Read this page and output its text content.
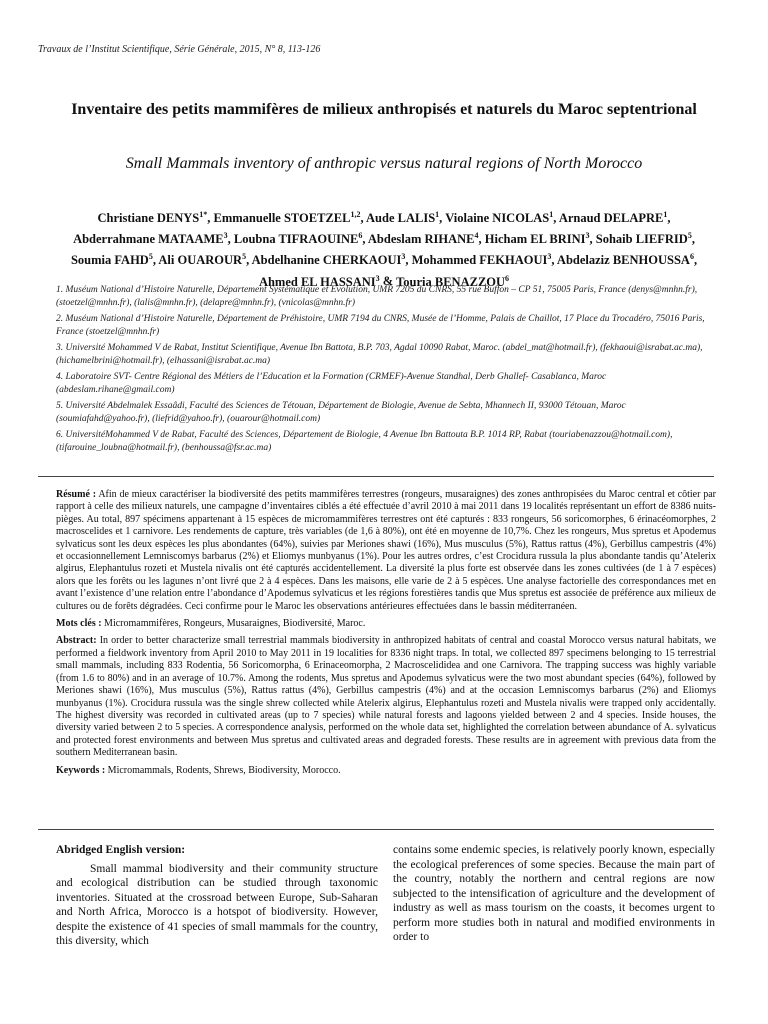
Travaux de l’Institut Scientifique, Série Générale, 2015, N° 8, 113-126
Inventaire des petits mammifères de milieux anthropisés et naturels du Maroc septentrional
Small Mammals inventory of anthropic versus natural regions of North Morocco
Christiane $DENYS^{1*}$, Emmanuelle STOETZEL$^{1,2}$, Aude LALIS$^1$, Violaine NICOLAS$^1$, Arnaud DELAPRE$^1$, Abderrahmane MATAAME$^3$, Loubna TIFRAOUINE$^6$, Abdeslam RIHANE$^4$, Hicham EL BRINI$^3$, Sohaib LIEFRID$^5$, Soumia FAHD$^5$, Ali OUAROUR$^5$, Abdelhanine CHERKAOUI$^3$, Mohammed FEKHAOUI$^3$, Abdelaziz BENHOUSSA$^6$, Ahmed EL HASSANI$^3$ & Touria BENAZZOU$^6$

1. Muséum National d’Histoire Naturelle, Département Systématique et Evolution, UMR 7205 du CNRS, 55 rue Buffon – CP 51, 75005 Paris, France (denys@mnhn.fr), (stoetzel@mnhn.fr), (lalis@mnhn.fr), (delapre@mnhn.fr), (vnicolas@mnhn.fr)

2. Muséum National d’Histoire Naturelle, Département de Préhistoire, UMR 7194 du CNRS, Musée de l’Homme, Palais de Chaillot, 17 Place du Trocadéro, 75016 Paris, France (stoetzel@mnhn.fr)

3. Université Mohammed V de Rabat, Institut Scientifique, Avenue Ibn Battota, B.P. 703, Agdal 10090 Rabat, Maroc. (abdel_mat@hotmail.fr), (fekhaoui@israbat.ac.ma), (hichamelbrini@hotmail.fr), (elhassani@israbat.ac.ma)

4. Laboratoire SVT- Centre Régional des Métiers de l’Education et la Formation (CRMEF)-Avenue Standhal, Derb Ghallef- Casablanca, Maroc (abdeslam.rihane@gmail.com)

5. Université Abdelmalek Essaâdi, Faculté des Sciences de Tétouan, Département de Biologie, Avenue de Sebta, Mhannech II, 93000 Tétouan, Maroc (soumiafahd@yahoo.fr), (liefrid@yahoo.fr), (ouarour@hotmail.com)

6. UniversitéMohammed V de Rabat, Faculté des Sciences, Département de Biologie, 4 Avenue Ibn Battouta B.P. 1014 RP, Rabat (touriabenazzou@hotmail.com), (tifarouine_loubna@hotmail.fr), (benhoussa@fsr.ac.ma)

Résumé : Afin de mieux caractériser la biodiversité des petits mammifères terrestres (rongeurs, musaraignes) des zones anthropisées du Maroc central et côtier par rapport à celle des milieux naturels, une campagne d’inventaires ciblés a été effectuée d’avril 2010 à mai 2011 dans 19 localités représentant un effort de 8386 nuits-pièges. Au total, 897 spécimens appartenant à 15 espèces de micromammifères terrestres ont été capturés : 833 rongeurs, 56 soricomorphes, 6 érinacéomorphes, 2 macroscelides et 1 carnivore. Les rendements de capture, très variables (de 1,6 à 80%), ont été en moyenne de 10,7%. Chez les rongeurs, Mus spretus et Apodemus sylvaticus sont les deux espèces les plus abondantes (64%), suivies par Meriones shawi (16%), Mus musculus (5%), Rattus rattus (4%), Gerbillus campestris (4%) et occasionnellement Lemniscomys barbarus (2%) et Eliomys munbyanus (1%). Pour les autres ordres, c’est Crocidura russula la plus abondante tandis qu’Atelerix algirus, Elephantulus rozeti et Mustela nivalis ont été capturés accidentellement. La diversité la plus forte est observée dans les zones cultivées (de 1 à 7 espèces) alors que les forêts ou les lagunes n’ont livré que 2 à 4 espèces. Dans les maisons, elle varie de 2 à 5 espèces. Une analyse factorielle des correspondances met en avant l’existence d’une relation entre l’abondance d’Apodemus sylvaticus et les régions forestières tandis que Mus spretus est associée de préférence aux milieux de cultures ou de forêts dégradées. Ceci confirme pour le Maroc les observations antérieures effectuées dans le bassin méditerranéen.

Mots clés : Micromammifères, Rongeurs, Musaraignes, Biodiversité, Maroc.

Abstract: In order to better characterize small terrestrial mammals biodiversity in anthropized habitats of central and coastal Morocco versus natural habitats, we performed a fieldwork inventory from April 2010 to May 2011 in 19 localities for 8336 night traps. In total, we collected 897 specimens belonging to 15 terrestrial small mammals, including 833 Rodentia, 56 Soricomorpha, 6 Erinaceomorpha, 2 Macroscelididea and one Carnivora. The trapping success was highly variable (from 1.6 to 80%) and in an average of 10.7%. Among the rodents, Mus spretus and Apodemus sylvaticus were the two most abundant species (64%), followed by Meriones shawi (16%), Mus musculus (5%), Rattus rattus (4%), Gerbillus campestris (4%) and at the occasion Lemniscomys barbarus (2%) and Eliomys munbyanus (1%). Crocidura russula was the single shrew collected while Atelerix algirus, Elephantulus rozeti and Mustela nivalis were trapped only accidentally. The highest diversity was recorded in cultivated areas (up to 7 species) while natural forests and lagoons yielded between 2 and 4 species. Inside houses, the diversity varied between 2 to 5 species. A correspondence analysis, performed on the whole data set, highlighted the correlation between abundance of A. sylvaticus and protected forest environments and between Mus spretus and cultivated areas and degraded forests. These results are in agreement with previous data from the southern Mediterranean basin.

Keywords : Micromammals, Rodents, Shrews, Biodiversity, Morocco.

Abridged English version:

Small mammal biodiversity and their community structure and ecological distribution can be studied through taxonomic inventories. Situated at the crossroad between Europe, Sub-Saharan and North Africa, Morocco is a hotspot of biodiversity. However, despite the existence of 41 species of small mammals for the country, this diversity, which

contains some endemic species, is relatively poorly known, especially the ecological preferences of some species. Because the main part of the country, notably the northern and central regions are now subjected to the intensification of agriculture and the development of industry as well as mass tourism on the coasts, it becomes urgent to perform more studies both in natural and modified environments in order to
